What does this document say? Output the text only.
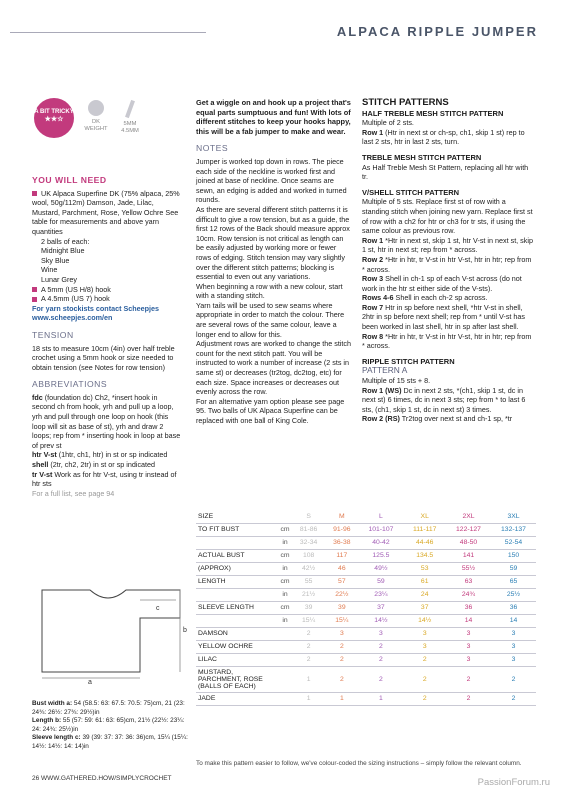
ALPACA RIPPLE JUMPER
A BIT TRICKY
★★☆	DK WEIGHT
5MM 4.5MM
YOU WILL NEED
UK Alpaca Superfine DK (75% alpaca, 25% wool, 50g/112m) Damson, Jade, Lilac, Mustard, Parchment, Rose, Yellow Ochre See table for measurements and above yarn quantities
2 balls of each:
Midnight Blue
Sky Blue
Wine
Lunar Grey
A 5mm (US H/8) hook
A 4.5mm (US 7) hook
For yarn stockists contact Scheepjes
www.scheepjes.com/en
TENSION
18 sts to measure 10cm (4in) over half treble crochet using a 5mm hook or size needed to obtain tension (see Notes for row tension)
ABBREVIATIONS
fdc (foundation dc) Ch2, *insert hook in second ch from hook, yrh and pull up a loop, yrh and pull through one loop on hook (this loop will sit as base of st), yrh and draw 2 loops; rep from * inserting hook in loop at base of prev st
htr V-st (1htr, ch1, htr) in st or sp indicated
shell (2tr, ch2, 2tr) in st or sp indicated
tr V-st Work as for htr V-st, using tr instead of htr sts
For a full list, see page 94
Get a wiggle on and hook up a project that's equal parts sumptuous and fun! With lots of different stitches to keep your hooks happy, this will be a fab jumper to make and wear.
NOTES
Jumper is worked top down in rows. The piece each side of the neckline is worked first and joined at base of neckline. Once seams are sewn, an edging is added and worked in turned rounds.
As there are several different stitch patterns it is difficult to give a row tension, but as a guide, the first 12 rows of the Back should measure approx 10cm. Row tension is not critical as length can be easily adjusted by working more or fewer rows of edging. Stitch tension may vary slightly over the different stitch patterns; blocking is essential to even out any variations.
When beginning a row with a new colour, start with a standing stitch.
Yarn tails will be used to sew seams where appropriate in order to match the colour. There are several rows of the same colour, leave a longer end to allow for this.
Adjustment rows are worked to change the stitch count for the next stitch patt. You will be instructed to work a number of increase (2 sts in same st) or decreases (tr2tog, dc2tog, etc) for each size. Space increases or decreases out evenly across the row.
For an alternative yarn option please see page 95. Two balls of UK Alpaca Superfine can be replaced with one ball of King Cole.
STITCH PATTERNS
HALF TREBLE MESH STITCH PATTERN
Multiple of 2 sts.
Row 1 (Htr in next st or ch-sp, ch1, skip 1 st) rep to last 2 sts, htr in last 2 sts, turn.
TREBLE MESH STITCH PATTERN
As Half Treble Mesh St Pattern, replacing all htr with tr.
V/SHELL STITCH PATTERN
Multiple of 5 sts. Replace first st of row with a standing stitch when joining new yarn. Replace first st of row with a ch2 for htr or ch3 for tr sts, if using the same colour as previous row.
Row 1 *Htr in next st, skip 1 st, htr V-st in next st, skip 1 st, htr in next st; rep from * across.
Row 2 *Htr in htr, tr V-st in htr V-st, htr in htr; rep from * across.
Row 3 Shell in ch-1 sp of each V-st across (do not work in the htr st either side of the V-sts).
Rows 4-6 Shell in each ch-2 sp across.
Row 7 Htr in sp before next shell, *htr V-st in shell, 2htr in sp before next shell; rep from * until V-st has been worked in last shell, htr in sp after last shell.
Row 8 *Htr in htr, tr V-st in htr V-st, htr in htr; rep from * across.
RIPPLE STITCH PATTERN
PATTERN A
Multiple of 15 sts + 8.
Row 1 (WS) Dc in next 2 sts, *(ch1, skip 1 st, dc in next st) 6 times, dc in next 3 sts; rep from * to last 6 sts, (ch1, skip 1 st, dc in next st) 3 times.
Row 2 (RS) Tr2tog over next st and ch-1 sp, *tr
a
b
c
Bust width a: 54 (58.5: 63: 67.5: 70.5: 75)cm, 21 (23: 24¾: 26½: 27¾: 29½)in
Length b: 55 (57: 59: 61: 63: 65)cm, 21½ (22½: 23¼: 24: 24¾: 25½)in
Sleeve length c: 39 (39: 37: 37: 36: 36)cm, 15¼ (15¼: 14½: 14½: 14: 14)in
SIZE		S	M	L	XL	2XL	3XL
TO FIT BUST	cm	81-86	91-96	101-107	111-117	122-127	132-137
	in	32-34	36-38	40-42	44-46	48-50	52-54
ACTUAL BUST	cm	108	117	125.5	134.5	141	150
(APPROX)	in	42½	46	49½	53	55½	59
LENGTH	cm	55	57	59	61	63	65
	in	21½	22½	23¼	24	24¾	25½
SLEEVE LENGTH	cm	39	39	37	37	36	36
	in	15¼	15¼	14½	14½	14	14
DAMSON		2	3	3	3	3	3
YELLOW OCHRE		2	2	2	3	3	3
LILAC		2	2	2	2	3	3
MUSTARD, PARCHMENT, ROSE (BALLS OF EACH)		1	2	2	2	2	2
JADE		1	1	1	2	2	2
To make this pattern easier to follow, we've colour-coded the sizing instructions – simply follow the relevant column.
26 WWW.GATHERED.HOW/SIMPLYCROCHET	PassionForum.ru
